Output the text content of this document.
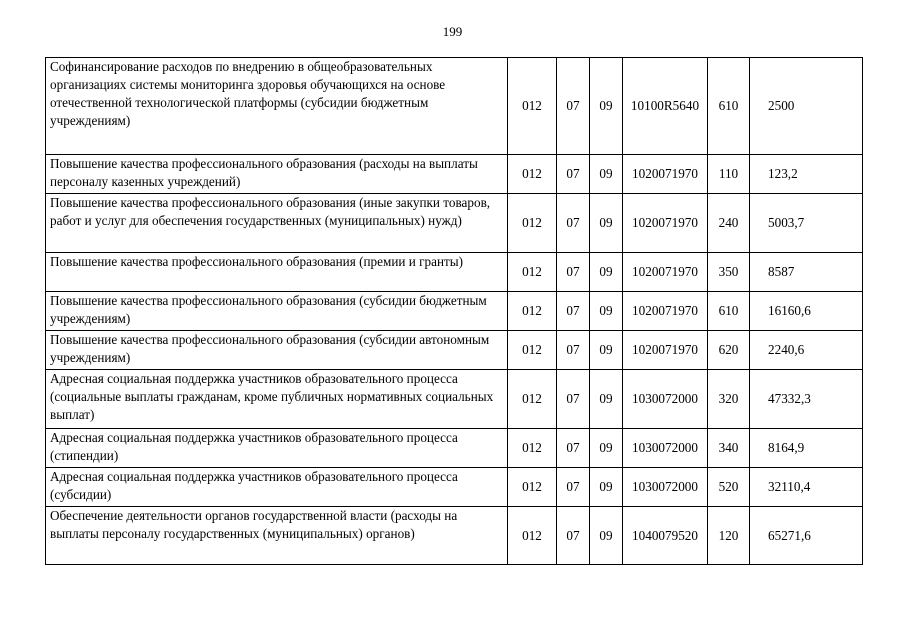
199
Софинансирование расходов по внедрению в общеобразовательных организациях системы мониторинга здоровья обучающихся на основе отечественной технологической платформы (субсидии бюджетным учреждениям)	012	07	09	10100R5640	610	2500
Повышение качества профессионального образования (расходы на выплаты персоналу казенных учреждений)	012	07	09	1020071970	110	123,2
Повышение качества профессионального образования (иные закупки товаров, работ и услуг для обеспечения государственных (муниципальных) нужд)	012	07	09	1020071970	240	5003,7
Повышение качества профессионального образования (премии и гранты)	012	07	09	1020071970	350	8587
Повышение качества профессионального образования (субсидии бюджетным учреждениям)	012	07	09	1020071970	610	16160,6
Повышение качества профессионального образования (субсидии автономным учреждениям)	012	07	09	1020071970	620	2240,6
Адресная социальная поддержка участников образовательного процесса (социальные выплаты гражданам, кроме публичных нормативных социальных выплат)	012	07	09	1030072000	320	47332,3
Адресная социальная поддержка участников образовательного процесса (стипендии)	012	07	09	1030072000	340	8164,9
Адресная социальная поддержка участников образовательного процесса (субсидии)	012	07	09	1030072000	520	32110,4
Обеспечение деятельности органов государственной власти (расходы на выплаты персоналу государственных (муниципальных) органов)	012	07	09	1040079520	120	65271,6
